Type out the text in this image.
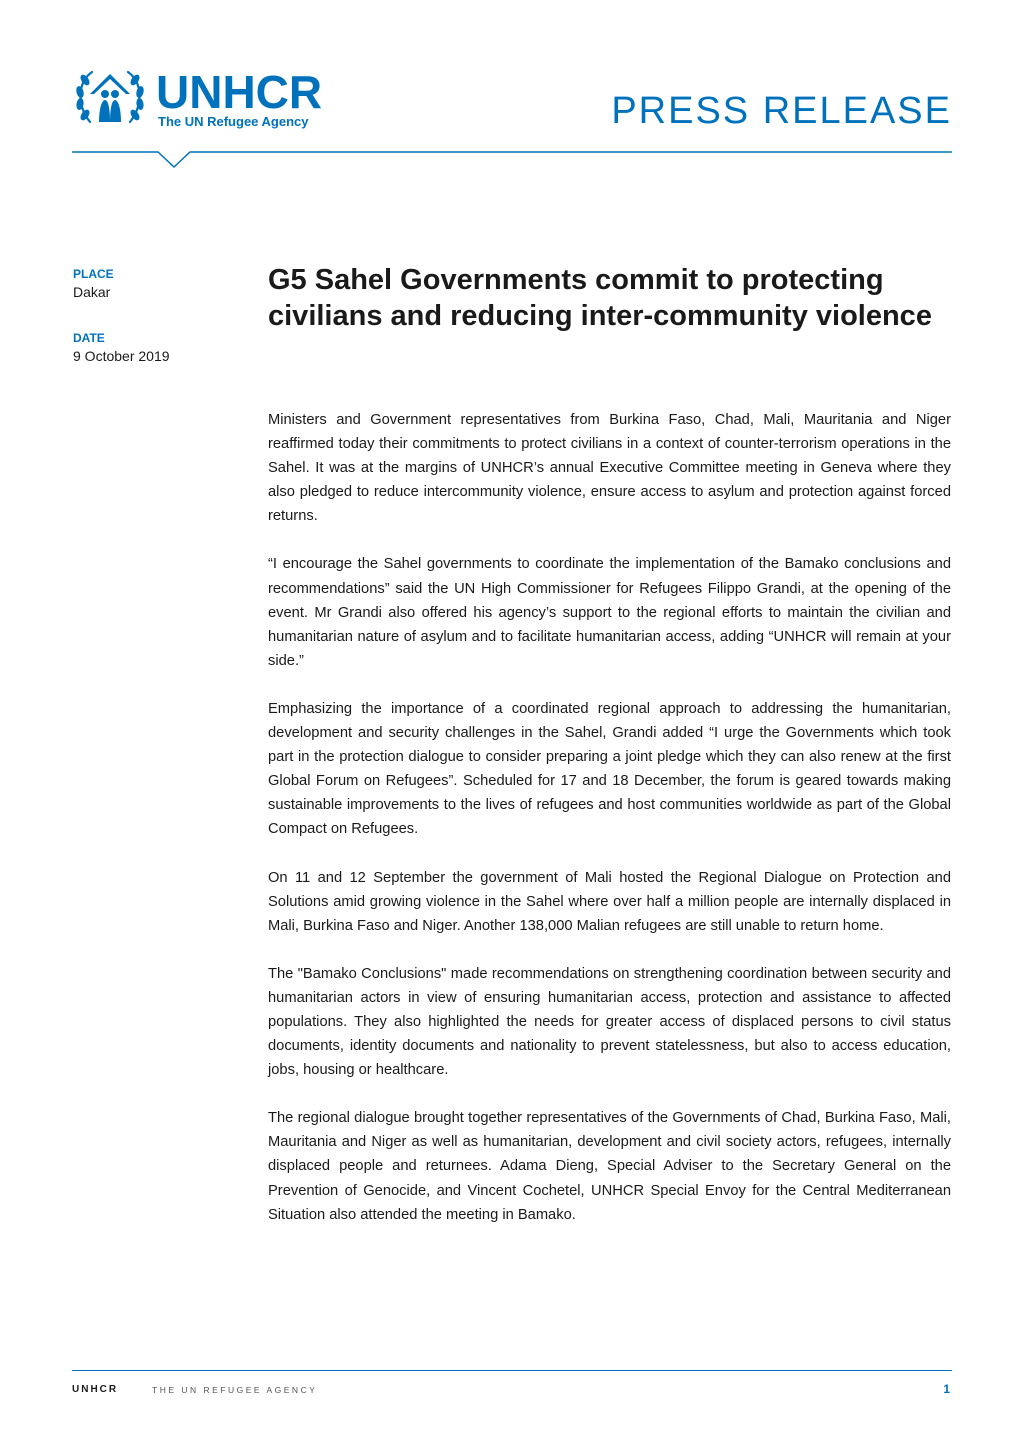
UNHCR
The UN Refugee Agency	PRESS RELEASE
PLACE
Dakar
DATE
9 October 2019
G5 Sahel Governments commit to protecting civilians and reducing inter-community violence

Ministers and Government representatives from Burkina Faso, Chad, Mali, Mauritania and Niger reaffirmed today their commitments to protect civilians in a context of counter-terrorism operations in the Sahel. It was at the margins of UNHCR’s annual Executive Committee meeting in Geneva where they also pledged to reduce intercommunity violence, ensure access to asylum and protection against forced returns.

“I encourage the Sahel governments to coordinate the implementation of the Bamako conclusions and recommendations” said the UN High Commissioner for Refugees Filippo Grandi, at the opening of the event. Mr Grandi also offered his agency’s support to the regional efforts to maintain the civilian and humanitarian nature of asylum and to facilitate humanitarian access, adding “UNHCR will remain at your side.”

Emphasizing the importance of a coordinated regional approach to addressing the humanitarian, development and security challenges in the Sahel, Grandi added “I urge the Governments which took part in the protection dialogue to consider preparing a joint pledge which they can also renew at the first Global Forum on Refugees”. Scheduled for 17 and 18 December, the forum is geared towards making sustainable improvements to the lives of refugees and host communities worldwide as part of the Global Compact on Refugees.

On 11 and 12 September the government of Mali hosted the Regional Dialogue on Protection and Solutions amid growing violence in the Sahel where over half a million people are internally displaced in Mali, Burkina Faso and Niger. Another 138,000 Malian refugees are still unable to return home.

The "Bamako Conclusions" made recommendations on strengthening coordination between security and humanitarian actors in view of ensuring humanitarian access, protection and assistance to affected populations. They also highlighted the needs for greater access of displaced persons to civil status documents, identity documents and nationality to prevent statelessness, but also to access education, jobs, housing or healthcare.

The regional dialogue brought together representatives of the Governments of Chad, Burkina Faso, Mali, Mauritania and Niger as well as humanitarian, development and civil society actors, refugees, internally displaced people and returnees. Adama Dieng, Special Adviser to the Secretary General on the Prevention of Genocide, and Vincent Cochetel, UNHCR Special Envoy for the Central Mediterranean Situation also attended the meeting in Bamako.

UNHCR	THE UN REFUGEE AGENCY	1
